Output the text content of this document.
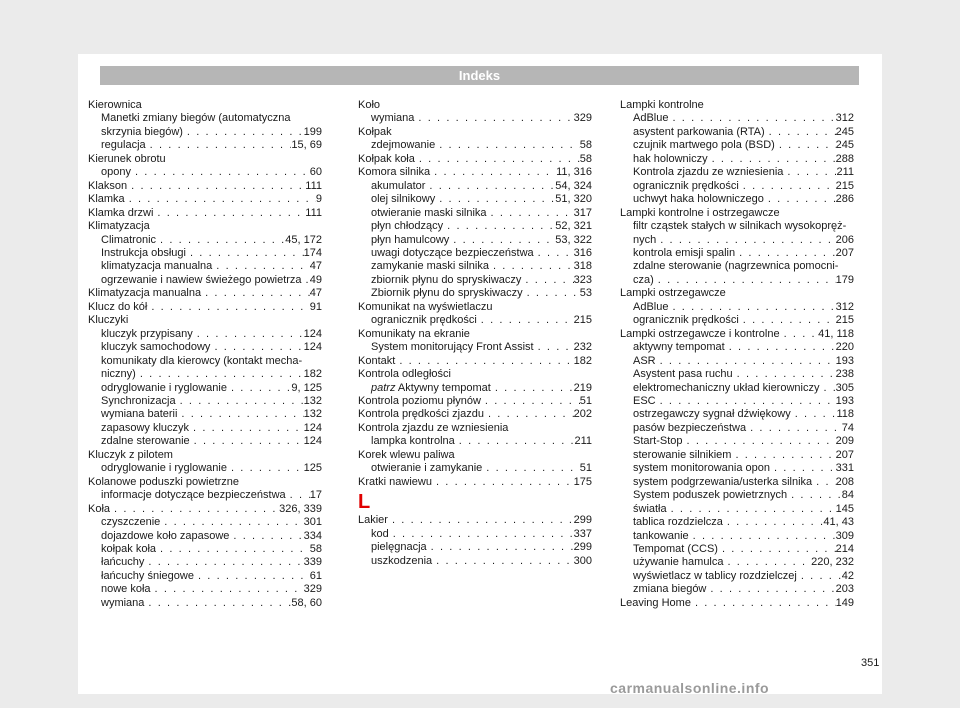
Indeks
Kierownica
Manetki zmiany biegów (automatyczna
skrzynia biegów) . . .	199
regulacja . . .	15, 69
Kierunek obrotu
opony . . .	60
Klakson . . .	111
Klamka . . .	9
Klamka drzwi . . .	111
Klimatyzacja
Climatronic . . .	45, 172
Instrukcja obsługi . . .	174
klimatyzacja manualna . . .	47
ogrzewanie i nawiew świeżego powietrza . . . 49
Klimatyzacja manualna . . .	47
Klucz do kół . . .	91
Kluczyki
kluczyk przypisany . . .	124
kluczyk samochodowy . . .	124
komunikaty dla kierowcy (kontakt mecha-
niczny) . . .	182
odryglowanie i ryglowanie . . .	9, 125
Synchronizacja . . .	132
wymiana baterii . . .	132
zapasowy kluczyk . . .	124
zdalne sterowanie . . .	124
Kluczyk z pilotem
odryglowanie i ryglowanie . . .	125
Kolanowe poduszki powietrzne
informacje dotyczące bezpieczeństwa . . . 17
Koła . . .	326, 339
czyszczenie . . .	301
dojazdowe koło zapasowe . . .	334
kołpak koła . . .	58
łańcuchy . . .	339
łańcuchy śniegowe . . .	61
nowe koła . . .	329
wymiana . . .	58, 60
Koło
wymiana . . .	329
Kołpak
zdejmowanie . . .	58
Kołpak koła . . .	58
Komora silnika . . .	11, 316
akumulator . . .	54, 324
olej silnikowy . . .	51, 320
otwieranie maski silnika . . .	317
płyn chłodzący . . .	52, 321
płyn hamulcowy . . .	53, 322
uwagi dotyczące bezpieczeństwa . . .	316
zamykanie maski silnika . . .	318
zbiornik płynu do spryskiwaczy . . .	323
Zbiornik płynu do spryskiwaczy . . .	53
Komunikat na wyświetlaczu
ogranicznik prędkości . . .	215
Komunikaty na ekranie
System monitorujący Front Assist . . .	232
Kontakt . . .	182
Kontrola odległości
patrz Aktywny tempomat . . .	219
Kontrola poziomu płynów . . .	51
Kontrola prędkości zjazdu . . .	202
Kontrola zjazdu ze wzniesienia
lampka kontrolna . . .	211
Korek wlewu paliwa
otwieranie i zamykanie . . .	51
Kratki nawiewu . . .	175
L
Lakier . . .	299
kod . . .	337
pielęgnacja . . .	299
uszkodzenia . . .	300
Lampki kontrolne
AdBlue . . .	312
asystent parkowania (RTA) . . .	245
czujnik martwego pola (BSD) . . .	245
hak holowniczy . . .	288
Kontrola zjazdu ze wzniesienia . . .	211
ogranicznik prędkości . . .	215
uchwyt haka holowniczego . . .	286
Lampki kontrolne i ostrzegawcze
filtr cząstek stałych w silnikach wysokopręż-
nych . . .	206
kontrola emisji spalin . . .	207
zdalne sterowanie (nagrzewnica pomocni-
cza) . . .	179
Lampki ostrzegawcze
AdBlue . . .	312
ogranicznik prędkości . . .	215
Lampki ostrzegawcze i kontrolne . . .	41, 118
aktywny tempomat . . .	220
ASR . . .	193
Asystent pasa ruchu . . .	238
elektromechaniczny układ kierowniczy . . . 305
ESC . . .	193
ostrzegawczy sygnał dźwiękowy . . .	118
pasów bezpieczeństwa . . .	74
Start-Stop . . .	209
sterowanie silnikiem . . .	207
system monitorowania opon . . .	331
system podgrzewania/usterka silnika . . . 208
System poduszek powietrznych . . .	84
światła . . .	145
tablica rozdzielcza . . .	41, 43
tankowanie . . .	309
Tempomat (CCS) . . .	214
używanie hamulca . . .	220, 232
wyświetlacz w tablicy rozdzielczej . . .	42
zmiana biegów . . .	203
Leaving Home . . .	149
351
carmanualsonline.info
